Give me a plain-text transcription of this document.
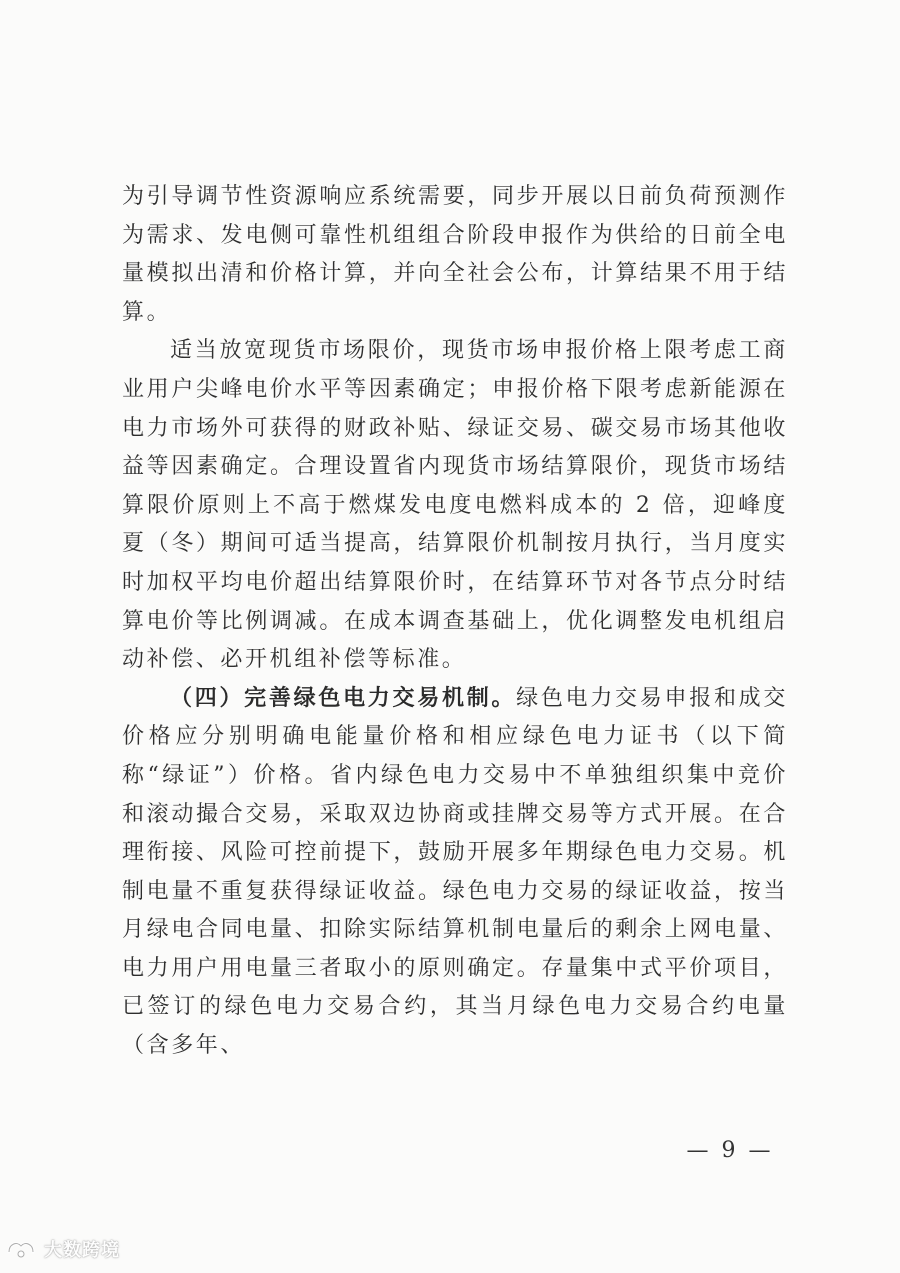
为引导调节性资源响应系统需要，同步开展以日前负荷预测作为需求、发电侧可靠性机组组合阶段申报作为供给的日前全电量模拟出清和价格计算，并向全社会公布，计算结果不用于结算。

适当放宽现货市场限价，现货市场申报价格上限考虑工商业用户尖峰电价水平等因素确定；申报价格下限考虑新能源在电力市场外可获得的财政补贴、绿证交易、碳交易市场其他收益等因素确定。合理设置省内现货市场结算限价，现货市场结算限价原则上不高于燃煤发电度电燃料成本的 2 倍，迎峰度夏（冬）期间可适当提高，结算限价机制按月执行，当月度实时加权平均电价超出结算限价时，在结算环节对各节点分时结算电价等比例调减。在成本调查基础上，优化调整发电机组启动补偿、必开机组补偿等标准。

（四）完善绿色电力交易机制。绿色电力交易申报和成交价格应分别明确电能量价格和相应绿色电力证书（以下简称“绿证”）价格。省内绿色电力交易中不单独组织集中竞价和滚动撮合交易，采取双边协商或挂牌交易等方式开展。在合理衔接、风险可控前提下，鼓励开展多年期绿色电力交易。机制电量不重复获得绿证收益。绿色电力交易的绿证收益，按当月绿电合同电量、扣除实际结算机制电量后的剩余上网电量、电力用户用电量三者取小的原则确定。存量集中式平价项目，已签订的绿色电力交易合约，其当月绿色电力交易合约电量（含多年、

— 9 —
大数跨境
